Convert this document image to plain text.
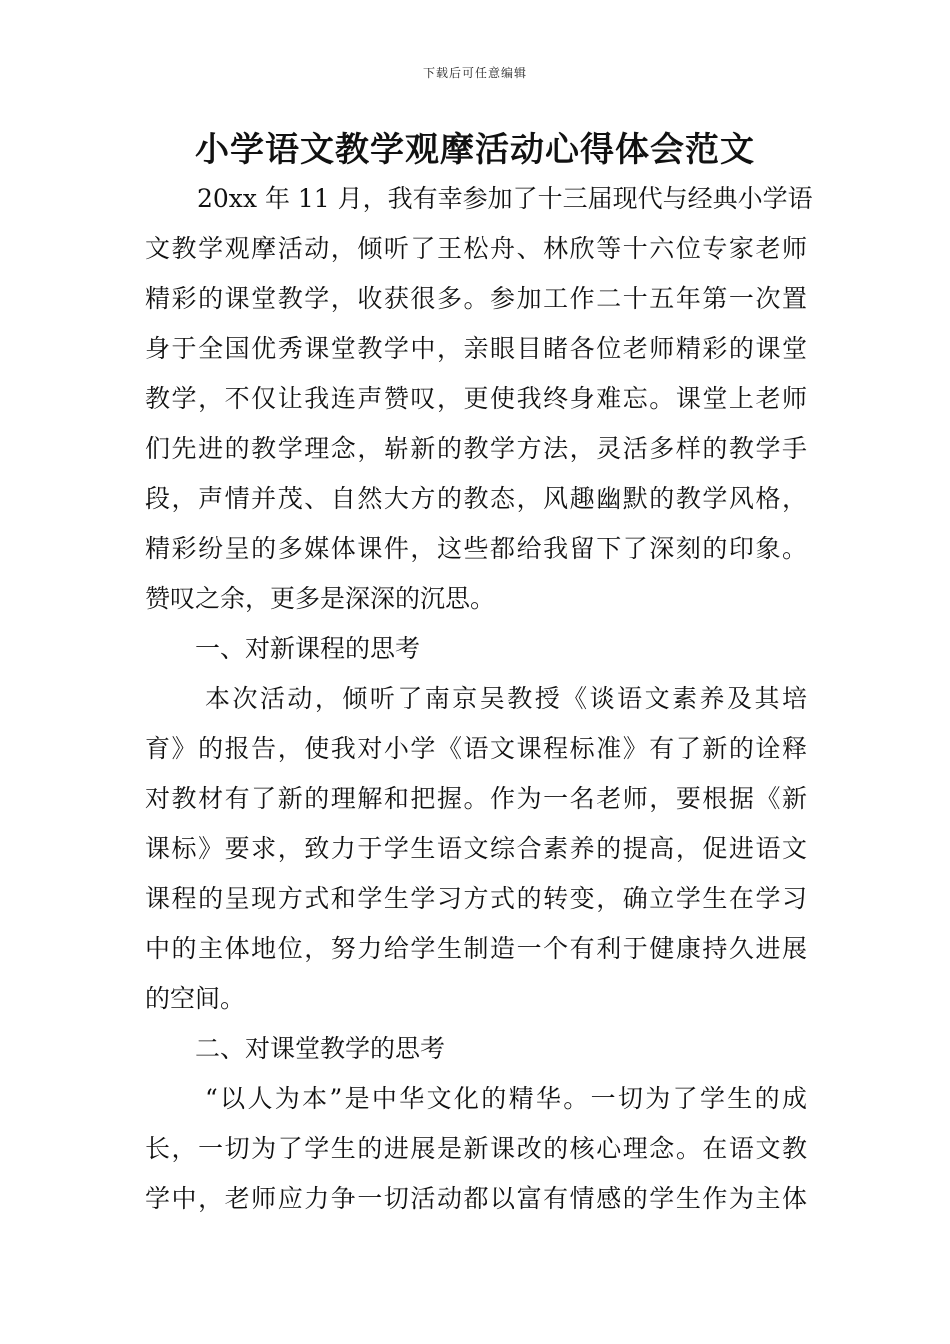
下载后可任意编辑
小学语文教学观摩活动心得体会范文
20xx 年 11 月，我有幸参加了十三届现代与经典小学语
文教学观摩活动，倾听了王松舟、林欣等十六位专家老师
精彩的课堂教学，收获很多。参加工作二十五年第一次置
身于全国优秀课堂教学中，亲眼目睹各位老师精彩的课堂
教学，不仅让我连声赞叹，更使我终身难忘。课堂上老师
们先进的教学理念，崭新的教学方法，灵活多样的教学手
段，声情并茂、自然大方的教态，风趣幽默的教学风格，
精彩纷呈的多媒体课件，这些都给我留下了深刻的印象。
赞叹之余，更多是深深的沉思。
一、对新课程的思考
本次活动，倾听了南京吴教授《谈语文素养及其培
育》的报告，使我对小学《语文课程标准》有了新的诠释
对教材有了新的理解和把握。作为一名老师，要根据《新
课标》要求，致力于学生语文综合素养的提高，促进语文
课程的呈现方式和学生学习方式的转变，确立学生在学习
中的主体地位，努力给学生制造一个有利于健康持久进展
的空间。
二、对课堂教学的思考
“以人为本”是中华文化的精华。一切为了学生的成
长，一切为了学生的进展是新课改的核心理念。在语文教
学中，老师应力争一切活动都以富有情感的学生作为主体
